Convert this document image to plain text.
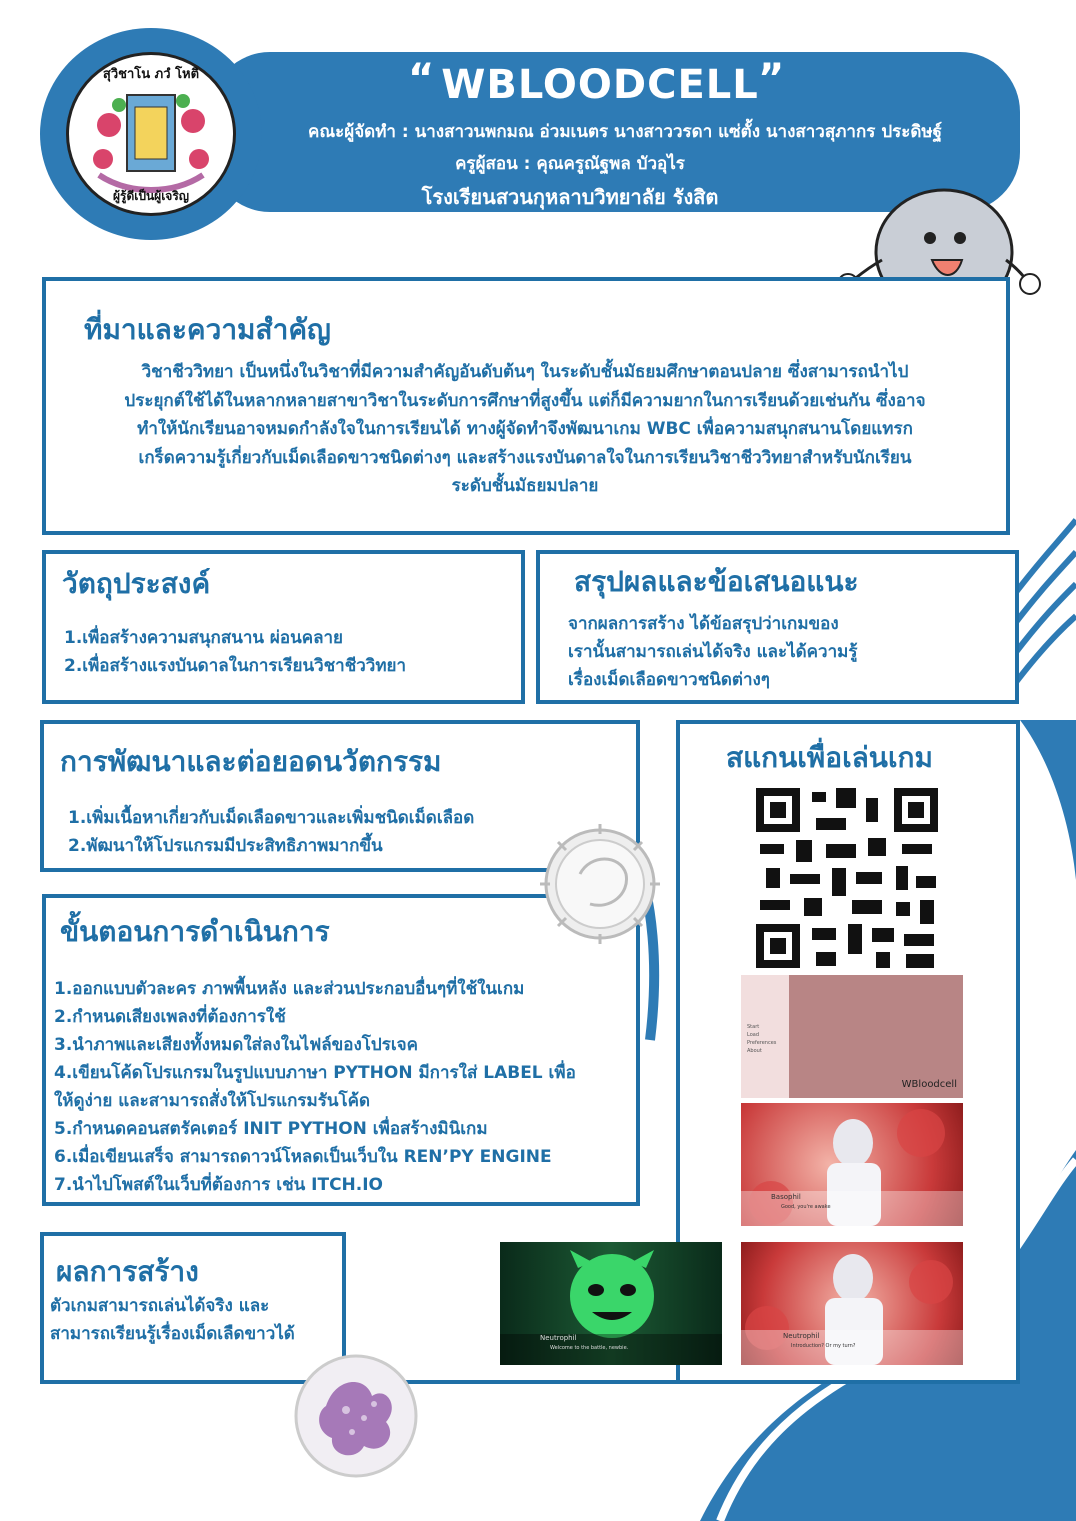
สุวิชาโน ภวํ โหติ
ผู้รู้ดีเป็นผู้เจริญ
“ WBLOODCELL ”
คณะผู้จัดทำ : นางสาวนพกมณ อ่วมเนตร นางสาววรดา แซ่ตั้ง นางสาวสุภากร ประดิษฐ์
ครูผู้สอน : คุณครูณัฐพล บัวอุไร
โรงเรียนสวนกุหลาบวิทยาลัย รังสิต
ที่มาและความสำคัญ
วิชาชีววิทยา เป็นหนึ่งในวิชาที่มีความสำคัญอันดับต้นๆ ในระดับชั้นมัธยมศึกษาตอนปลาย ซึ่งสามารถนำไป
ประยุกต์ใช้ได้ในหลากหลายสาขาวิชาในระดับการศึกษาที่สูงขึ้น แต่ก็มีความยากในการเรียนด้วยเช่นกัน ซึ่งอาจ
ทำให้นักเรียนอาจหมดกำลังใจในการเรียนได้ ทางผู้จัดทำจึงพัฒนาเกม WBC เพื่อความสนุกสนานโดยแทรก
เกร็ดความรู้เกี่ยวกับเม็ดเลือดขาวชนิดต่างๆ และสร้างแรงบันดาลใจในการเรียนวิชาชีววิทยาสำหรับนักเรียน
ระดับชั้นมัธยมปลาย
วัตถุประสงค์
1.เพื่อสร้างความสนุกสนาน ผ่อนคลาย
2.เพื่อสร้างแรงบันดาลในการเรียนวิชาชีววิทยา
สรุปผลและข้อเสนอแนะ
จากผลการสร้าง ได้ข้อสรุปว่าเกมของ
เรานั้นสามารถเล่นได้จริง และได้ความรู้
เรื่องเม็ดเลือดขาวชนิดต่างๆ
การพัฒนาและต่อยอดนวัตกรรม
1.เพิ่มเนื้อหาเกี่ยวกับเม็ดเลือดขาวและเพิ่มชนิดเม็ดเลือด
2.พัฒนาให้โปรแกรมมีประสิทธิภาพมากขึ้น
สแกนเพื่อเล่นเกม
Start
Load
Preferences
About
WBloodcell
Basophil
Good, you're awake
Neutrophil
Welcome to the battle, newbie.
Neutrophil
Introduction? Or my turn?
ขั้นตอนการดำเนินการ
1.ออกแบบตัวละคร ภาพพื้นหลัง และส่วนประกอบอื่นๆที่ใช้ในเกม
2.กำหนดเสียงเพลงที่ต้องการใช้
3.นำภาพและเสียงทั้งหมดใส่ลงในไฟล์ของโปรเจค
4.เขียนโค้ดโปรแกรมในรูปแบบภาษา PYTHON มีการใส่ LABEL เพื่อ
ให้ดูง่าย และสามารถสั่งให้โปรแกรมรันโค้ด
5.กำหนดคอนสตรัคเตอร์ INIT PYTHON เพื่อสร้างมินิเกม
6.เมื่อเขียนเสร็จ สามารถดาวน์โหลดเป็นเว็บใน REN’PY ENGINE
7.นำไปโพสต์ในเว็บที่ต้องการ เช่น ITCH.IO
ผลการสร้าง
ตัวเกมสามารถเล่นได้จริง และ
สามารถเรียนรู้เรื่องเม็ดเลืดขาวได้
